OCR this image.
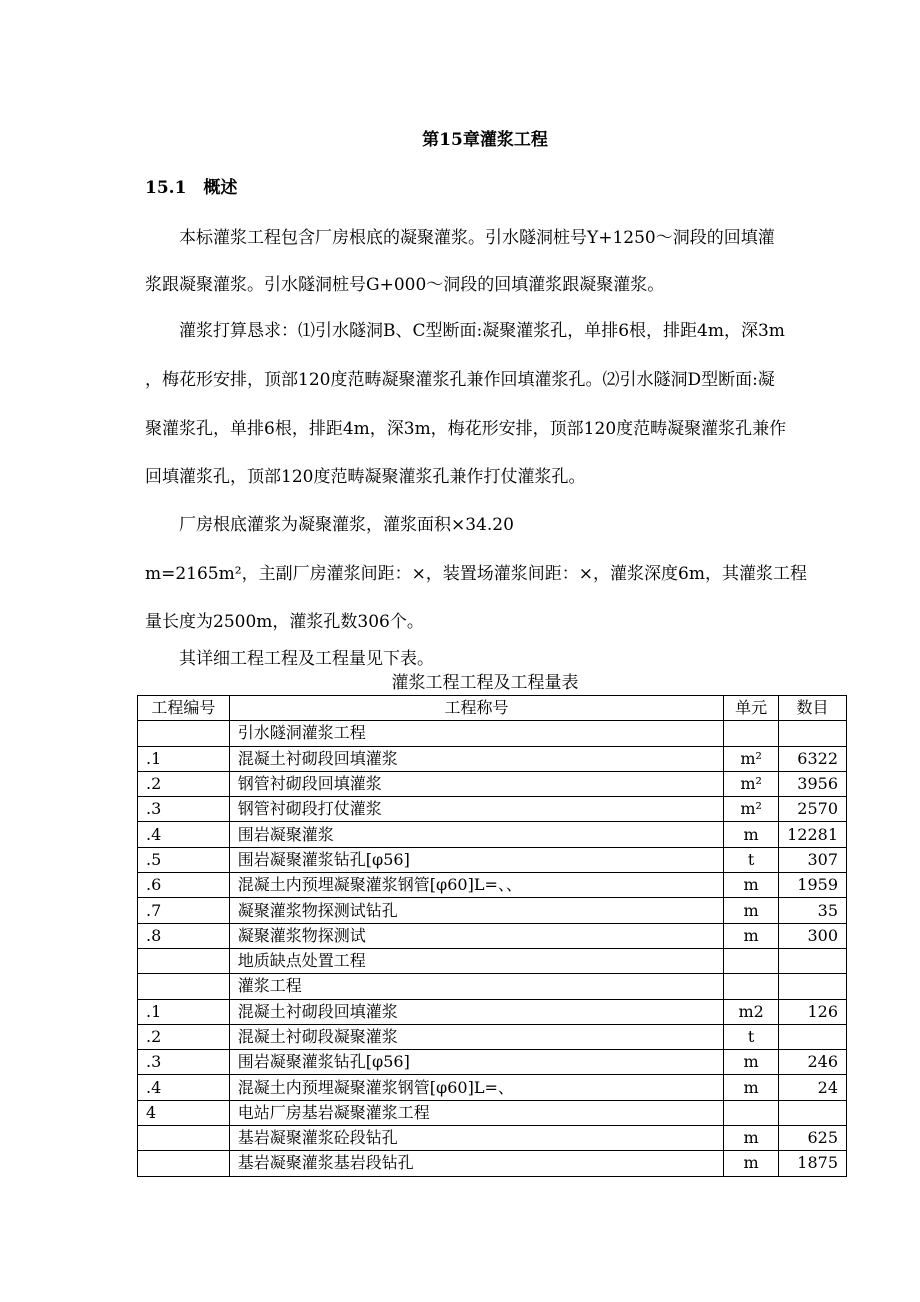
第15章灌浆工程
15.1　概述
　　本标灌浆工程包含厂房根底的凝聚灌浆。引水隧洞桩号Y+1250～洞段的回填灌
浆跟凝聚灌浆。引水隧洞桩号G+000～洞段的回填灌浆跟凝聚灌浆。
　　灌浆打算恳求：⑴引水隧洞B、C型断面:凝聚灌浆孔，单排6根，排距4m，深3m
，梅花形安排，顶部120度范畴凝聚灌浆孔兼作回填灌浆孔。⑵引水隧洞D型断面:凝
聚灌浆孔，单排6根，排距4m，深3m，梅花形安排，顶部120度范畴凝聚灌浆孔兼作
回填灌浆孔，顶部120度范畴凝聚灌浆孔兼作打仗灌浆孔。
　　厂房根底灌浆为凝聚灌浆，灌浆面积×34.20
m=2165m²，主副厂房灌浆间距：×，装置场灌浆间距：×，灌浆深度6m，其灌浆工程
量长度为2500m，灌浆孔数306个。
　　其详细工程工程及工程量见下表。
灌浆工程工程及工程量表
工程编号	工程称号	单元	数目
	引水隧洞灌浆工程		
.1	混凝土衬砌段回填灌浆	m²	6322
.2	钢管衬砌段回填灌浆	m²	3956
.3	钢管衬砌段打仗灌浆	m²	2570
.4	围岩凝聚灌浆	m	12281
.5	围岩凝聚灌浆钻孔[φ56]	t	307
.6	混凝土内预埋凝聚灌浆钢管[φ60]L=、、	m	1959
.7	凝聚灌浆物探测试钻孔	m	35
.8	凝聚灌浆物探测试	m	300
	地质缺点处置工程		
	灌浆工程		
.1	混凝土衬砌段回填灌浆	m2	126
.2	混凝土衬砌段凝聚灌浆	t	
.3	围岩凝聚灌浆钻孔[φ56]	m	246
.4	混凝土内预埋凝聚灌浆钢管[φ60]L=、	m	24
4	电站厂房基岩凝聚灌浆工程		
	基岩凝聚灌浆砼段钻孔	m	625
	基岩凝聚灌浆基岩段钻孔	m	1875
